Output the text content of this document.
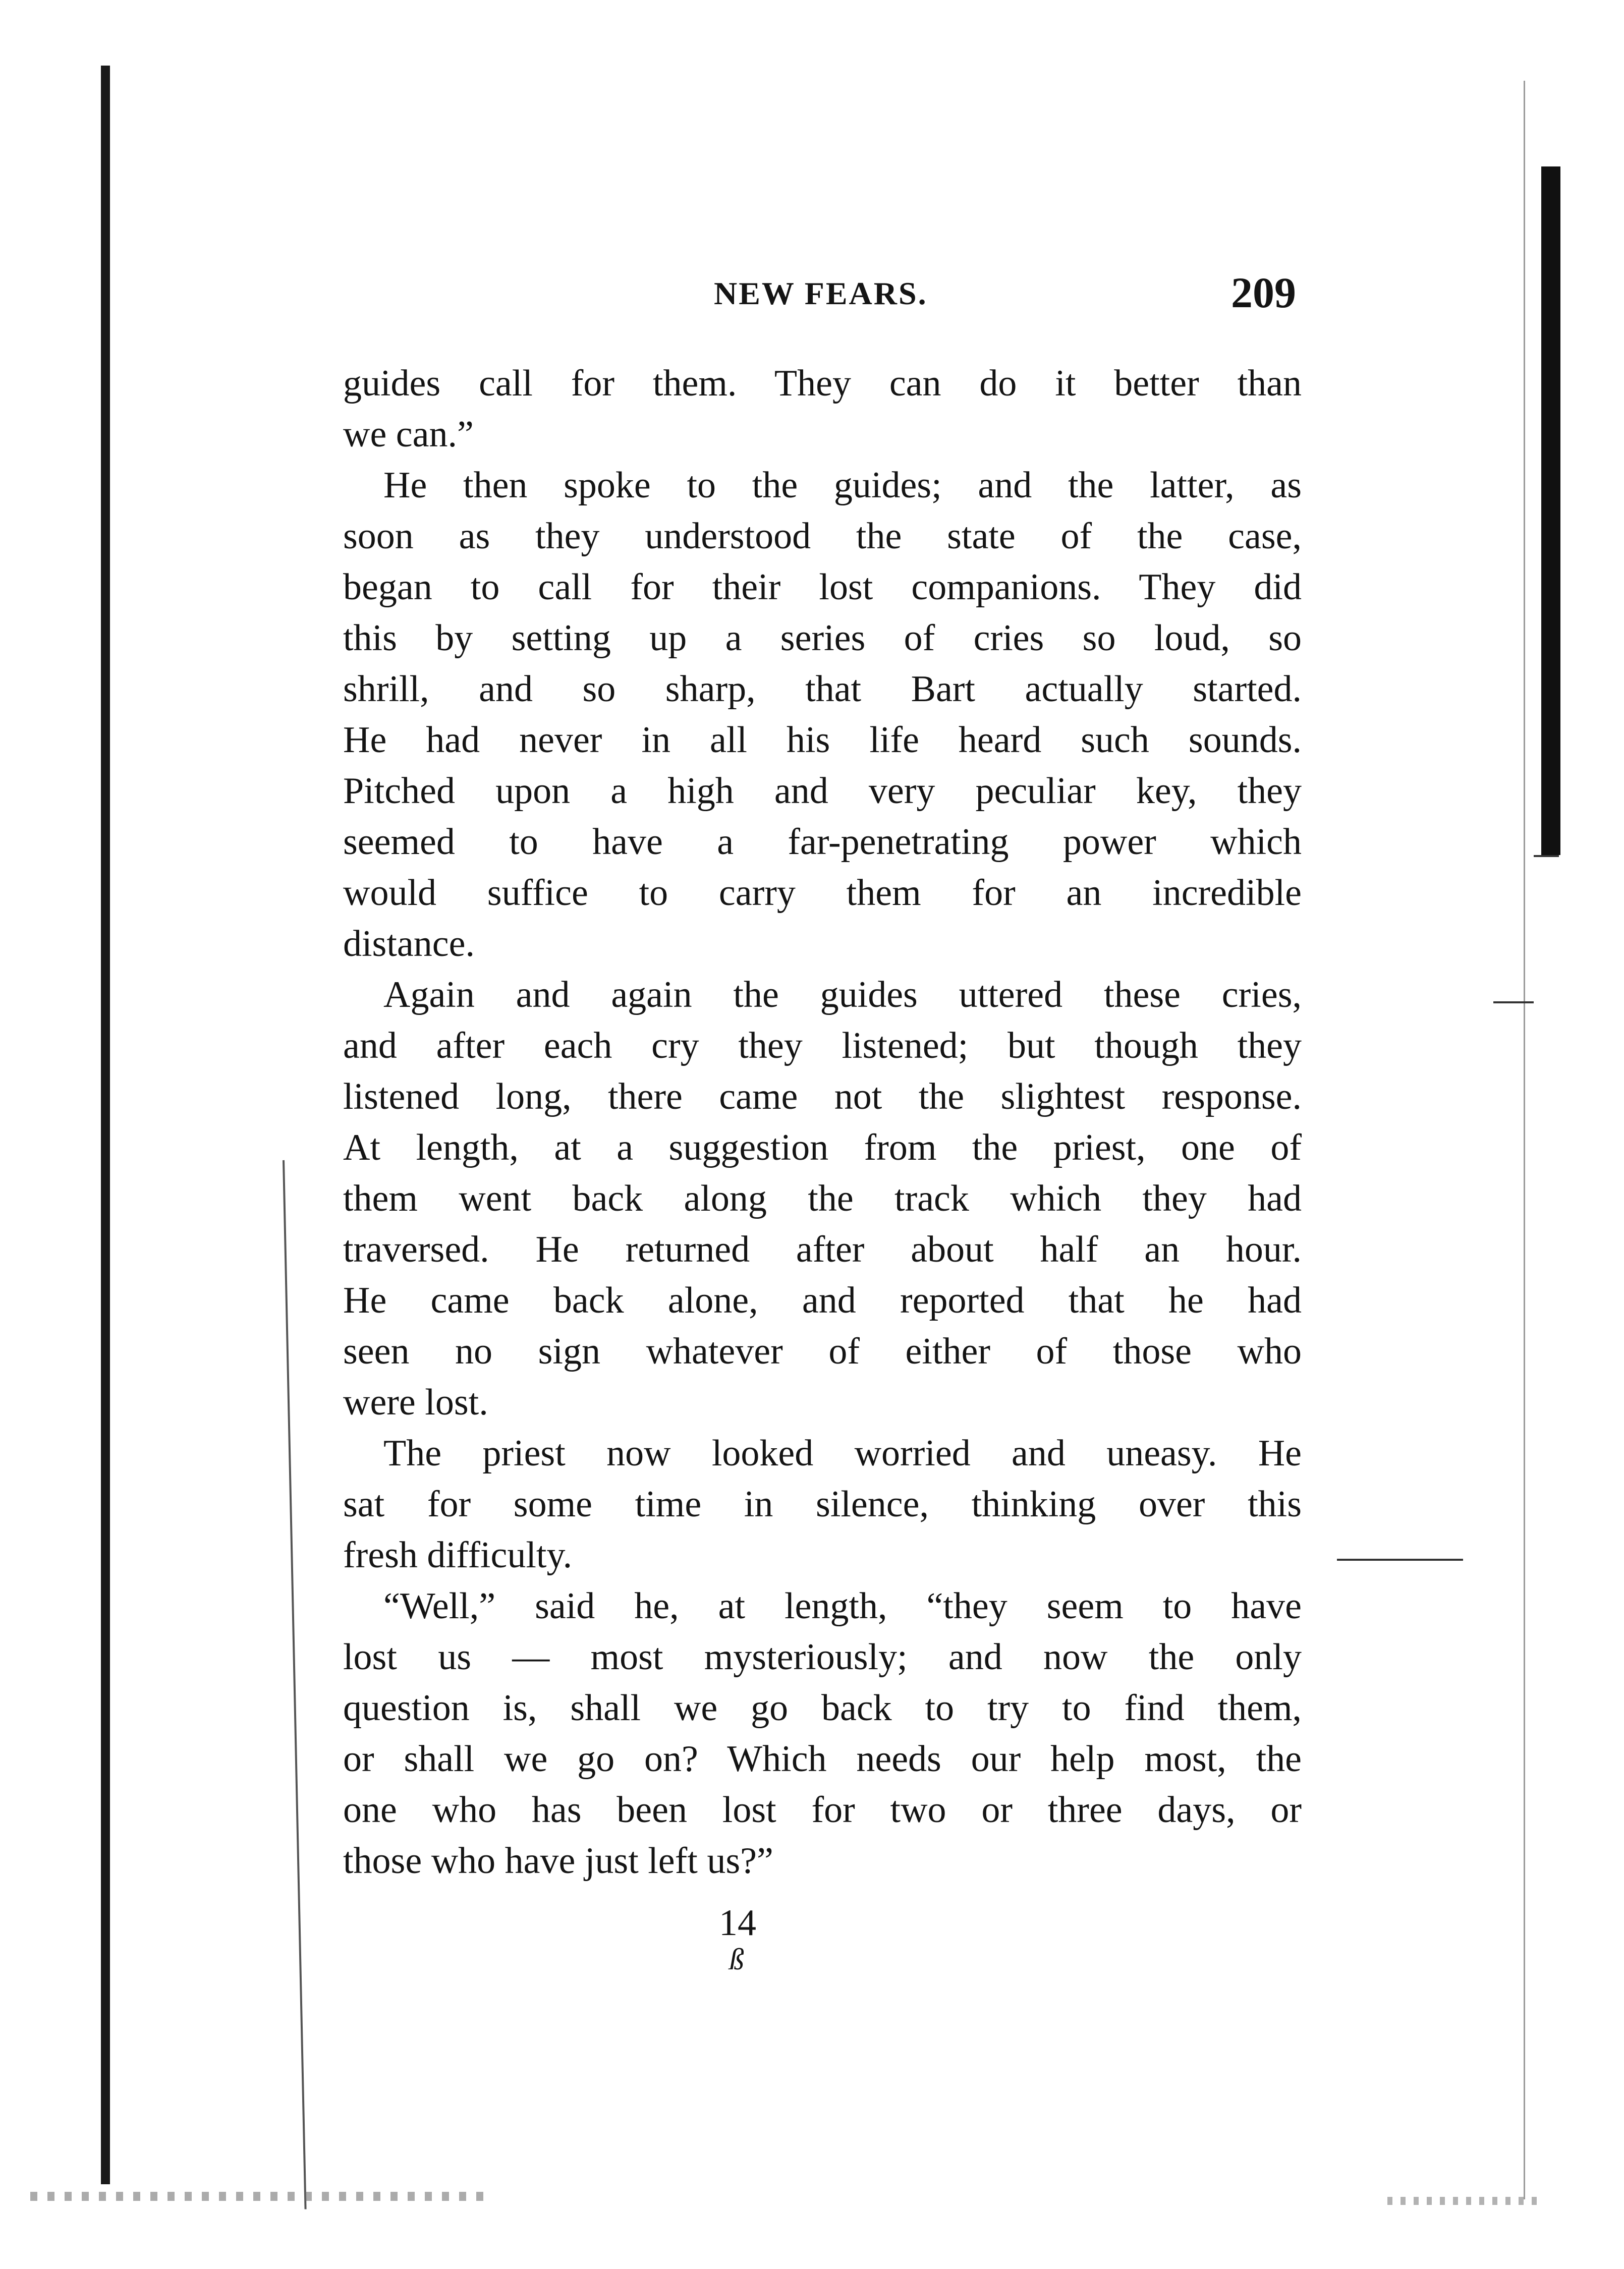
NEW FEARS.	209
guides call for them. They can do it better than
we can.”
He then spoke to the guides; and the latter, as
soon as they understood the state of the case,
began to call for their lost companions. They did
this by setting up a series of cries so loud, so
shrill, and so sharp, that Bart actually started.
He had never in all his life heard such sounds.
Pitched upon a high and very peculiar key, they
seemed to have a far-penetrating power which
would suffice to carry them for an incredible
distance.
Again and again the guides uttered these cries,
and after each cry they listened; but though they
listened long, there came not the slightest response.
At length, at a suggestion from the priest, one of
them went back along the track which they had
traversed. He returned after about half an hour.
He came back alone, and reported that he had
seen no sign whatever of either of those who
were lost.
The priest now looked worried and uneasy. He
sat for some time in silence, thinking over this
fresh difficulty.
“Well,” said he, at length, “they seem to have
lost us — most mysteriously; and now the only
question is, shall we go back to try to find them,
or shall we go on? Which needs our help most, the
one who has been lost for two or three days, or
those who have just left us?”
14
ß
